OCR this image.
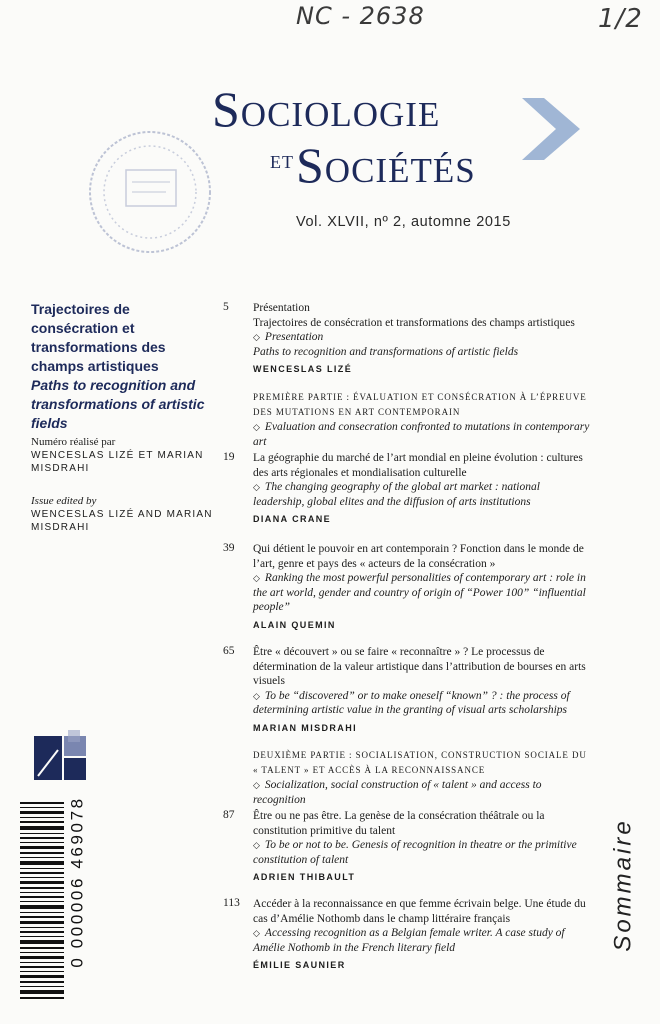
NC - 2638	1/2
Sociologie
$^{et}$Sociétés
Vol. XLVII, nº 2, automne 2015
Trajectoires de consécration et transformations des champs artistiques
Paths to recognition and transformations of artistic fields
Numéro réalisé par
WENCESLAS LIZÉ ET MARIAN MISDRAHI
Issue edited by
WENCESLAS LIZÉ AND MARIAN MISDRAHI
5	Présentation
Trajectoires de consécration et transformations des champs artistiques
◇ Presentation
Paths to recognition and transformations of artistic fields
WENCESLAS LIZÉ
PREMIÈRE PARTIE : ÉVALUATION ET CONSÉCRATION À L’ÉPREUVE DES MUTATIONS EN ART CONTEMPORAIN
◇ Evaluation and consecration confronted to mutations in contemporary art
19	La géographie du marché de l’art mondial en pleine évolution : cultures des arts régionales et mondialisation culturelle
◇ The changing geography of the global art market : national leadership, global elites and the diffusion of arts institutions
DIANA CRANE
39	Qui détient le pouvoir en art contemporain ? Fonction dans le monde de l’art, genre et pays des « acteurs de la consécration »
◇ Ranking the most powerful personalities of contemporary art : role in the art world, gender and country of origin of “Power 100” “influential people”
ALAIN QUEMIN
65	Être « découvert » ou se faire « reconnaître » ? Le processus de détermination de la valeur artistique dans l’attribution de bourses en arts visuels
◇ To be “discovered” or to make oneself “known” ? : the process of determining artistic value in the granting of visual arts scholarships
MARIAN MISDRAHI
DEUXIÈME PARTIE : SOCIALISATION, CONSTRUCTION SOCIALE DU « TALENT » ET ACCÈS À LA RECONNAISSANCE
◇ Socialization, social construction of « talent » and access to recognition
87	Être ou ne pas être. La genèse de la consécration théâtrale ou la constitution primitive du talent
◇ To be or not to be. Genesis of recognition in theatre or the primitive constitution of talent
ADRIEN THIBAULT
113	Accéder à la reconnaissance en que femme écrivain belge. Une étude du cas d’Amélie Nothomb dans le champ littéraire français
◇ Accessing recognition as a Belgian female writer. A case study of Amélie Nothomb in the French literary field
ÉMILIE SAUNIER
0 000006 469078	Sommaire
